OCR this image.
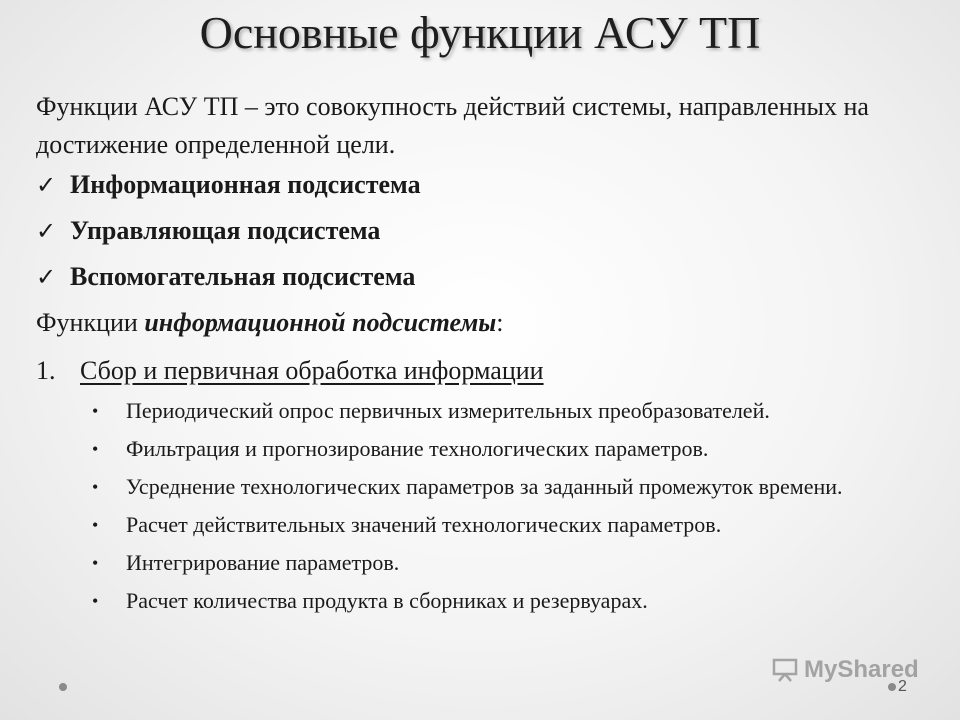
Основные функции АСУ ТП

Функции АСУ ТП – это совокупность действий системы, направленных на достижение определенной цели.

✓ Информационная подсистема
✓ Управляющая подсистема
✓ Вспомогательная подсистема

Функции информационной подсистемы:

1. Сбор и первичная обработка информации
•	Периодический опрос первичных измерительных преобразователей.
•	Фильтрация и прогнозирование технологических параметров.
•	Усреднение технологических параметров за заданный промежуток времени.
•	Расчет действительных значений технологических параметров.
•	Интегрирование параметров.
•	Расчет количества продукта в сборниках и резервуарах.
2
MyShared
